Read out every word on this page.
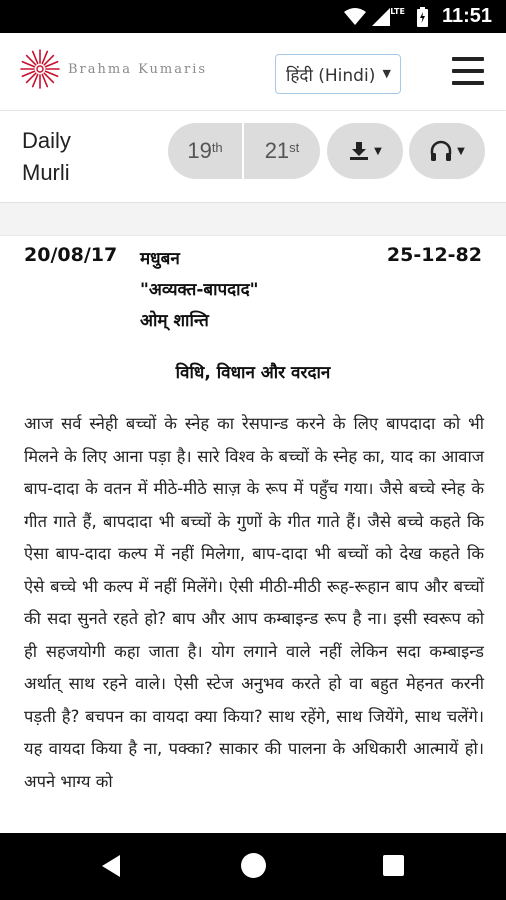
LTE 11:51
Brahma Kumaris	हिंदी (Hindi) ▼
Daily Murli
19th 21st	▼	▼
20/08/17 मधुबन
"अव्यक्त-बापदाद"
ओम् शान्ति
25-12-82
विधि, विधान और वरदान
आज सर्व स्नेही बच्चों के स्नेह का रेसपान्ड करने के लिए बापदादा को भी मिलने के लिए आना पड़ा है। सारे विश्व के बच्चों के स्नेह का, याद का आवाज बाप-दादा के वतन में मीठे-मीठे साज़ के रूप में पहुँच गया। जैसे बच्चे स्नेह के गीत गाते हैं, बापदादा भी बच्चों के गुणों के गीत गाते हैं। जैसे बच्चे कहते कि ऐसा बाप-दादा कल्प में नहीं मिलेगा, बाप-दादा भी बच्चों को देख कहते कि ऐसे बच्चे भी कल्प में नहीं मिलेंगे। ऐसी मीठी-मीठी रूह-रूहान बाप और बच्चों की सदा सुनते रहते हो? बाप और आप कम्बाइन्ड रूप है ना। इसी स्वरूप को ही सहजयोगी कहा जाता है। योग लगाने वाले नहीं लेकिन सदा कम्बाइन्ड अर्थात् साथ रहने वाले। ऐसी स्टेज अनुभव करते हो वा बहुत मेहनत करनी पड़ती है? बचपन का वायदा क्या किया? साथ रहेंगे, साथ जियेंगे, साथ चलेंगे। यह वायदा किया है ना, पक्का? साकार की पालना के अधिकारी आत्मायें हो। अपने भाग्य को
